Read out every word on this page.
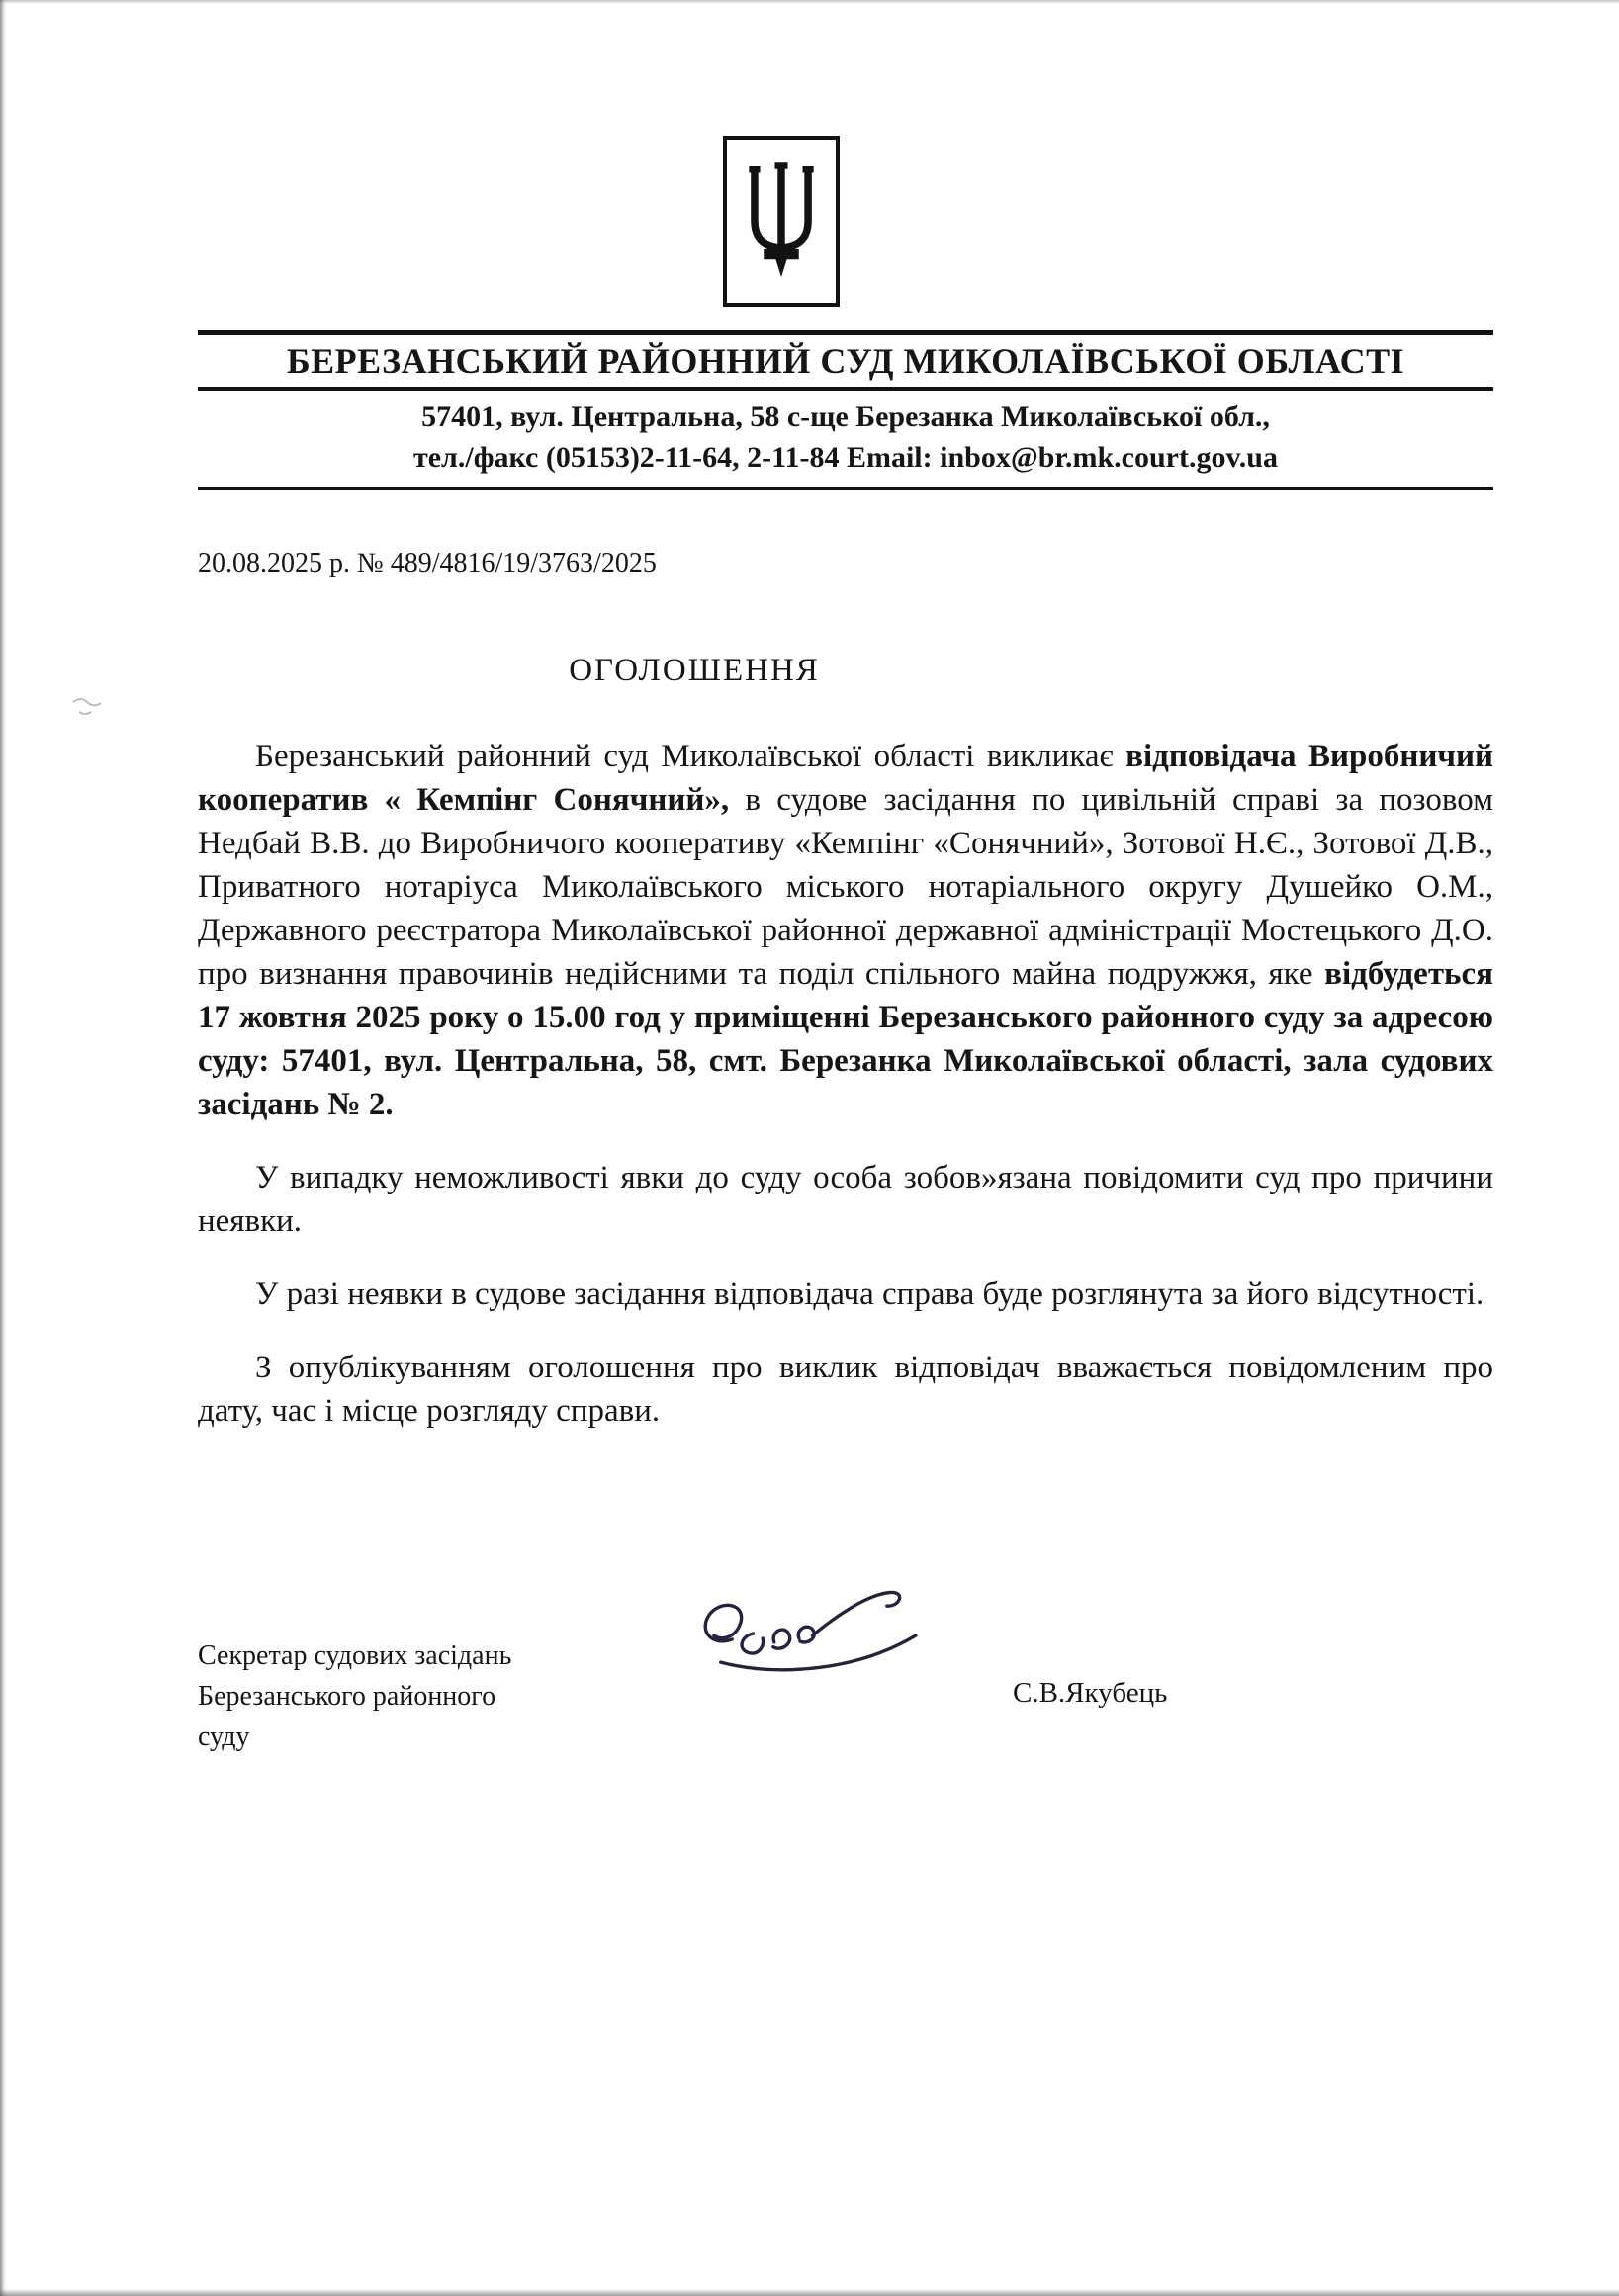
БЕРЕЗАНСЬКИЙ РАЙОННИЙ СУД МИКОЛАЇВСЬКОЇ ОБЛАСТІ
57401, вул. Центральна, 58 с-ще Березанка Миколаївської обл.,
тел./факс (05153)2-11-64, 2-11-84 Email: inbox@br.mk.court.gov.ua
20.08.2025 р. № 489/4816/19/3763/2025
ОГОЛОШЕННЯ

Березанський районний суд Миколаївської області викликає відповідача Виробничий кооператив « Кемпінг Сонячний», в судове засідання по цивільній справі за позовом Недбай В.В. до Виробничого кооперативу «Кемпінг «Сонячний», Зотової Н.Є., Зотової Д.В., Приватного нотаріуса Миколаївського міського нотаріального округу Душейко О.М., Державного реєстратора Миколаївської районної державної адміністрації Мостецького Д.О. про визнання правочинів недійсними та поділ спільного майна подружжя, яке відбудеться 17 жовтня 2025 року о 15.00 год у приміщенні Березанського районного суду за адресою суду: 57401, вул. Центральна, 58, смт. Березанка Миколаївської області, зала судових засідань № 2.

У випадку неможливості явки до суду особа зобов»язана повідомити суд про причини неявки.

У разі неявки в судове засідання відповідача справа буде розглянута за його відсутності.

З опублікуванням оголошення про виклик відповідач вважається повідомленим про дату, час і місце розгляду справи.

Секретар судових засідань
Березанського районного суду
С.В.Якубець
